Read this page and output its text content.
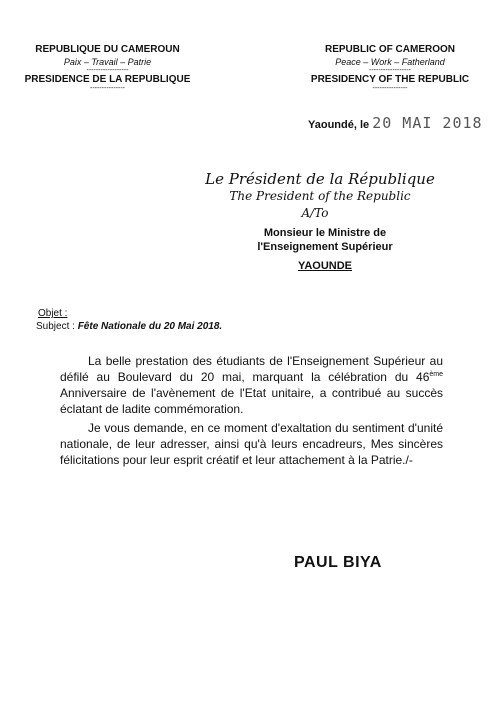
REPUBLIQUE DU CAMEROUN
Paix – Travail – Patrie
------------------
PRESIDENCE DE LA REPUBLIQUE
---------------
REPUBLIC OF CAMEROON
Peace – Work – Fatherland
------------------
PRESIDENCY OF THE REPUBLIC
---------------
Yaoundé, le 20 MAI 2018
Le Président de la République
The President of the Republic
A/To
Monsieur le Ministre de
l'Enseignement Supérieur
YAOUNDE
Objet :
Subject : Fête Nationale du 20 Mai 2018.
La belle prestation des étudiants de l'Enseignement Supérieur au défilé au Boulevard du 20 mai, marquant la célébration du 46ème Anniversaire de l'avènement de l'Etat unitaire, a contribué au succès éclatant de ladite commémoration.
Je vous demande, en ce moment d'exaltation du sentiment d'unité nationale, de leur adresser, ainsi qu'à leurs encadreurs, Mes sincères félicitations pour leur esprit créatif et leur attachement à la Patrie./-
PAUL BIYA
